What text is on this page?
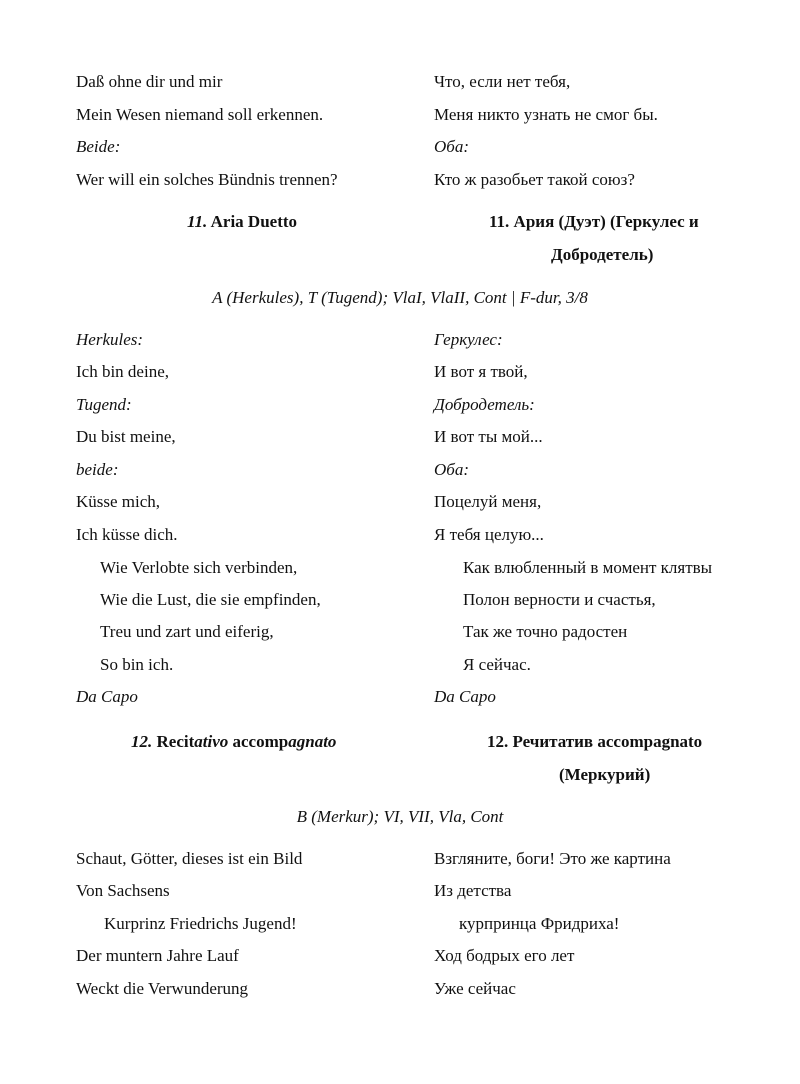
Daß ohne dir und mir
Mein Wesen niemand soll erkennen.
Beide:
Wer will ein solches Bündnis trennen?
Что, если нет тебя,
Меня никто узнать не смог бы.
Оба:
Кто ж разобьет такой союз?
11. Aria Duetto	11. Ария (Дуэт) (Геркулес и
Добродетель)
A (Herkules), T (Tugend); VlaI, VlaII, Cont | F-dur, 3/8
Herkules:
Ich bin deine,
Tugend:
Du bist meine,
beide:
Küsse mich,
Ich küsse dich.
Wie Verlobte sich verbinden,
Wie die Lust, die sie empfinden,
Treu und zart und eiferig,
So bin ich.
Da Capo
Геркулес:
И вот я твой,
Добродетель:
И вот ты мой...
Оба:
Поцелуй меня,
Я тебя целую...
Как влюбленный в момент клятвы
Полон верности и счастья,
Так же точно радостен
Я сейчас.
Da Capo
12. Recitativo accompagnato	12. Речитатив accompagnato
(Меркурий)
B (Merkur); VI, VII, Vla, Cont
Schaut, Götter, dieses ist ein Bild
Von Sachsens
Kurprinz Friedrichs Jugend!
Der muntern Jahre Lauf
Weckt die Verwunderung
Взгляните, боги! Это же картина
Из детства
курпринца Фридриха!
Ход бодрых его лет
Уже сейчас
